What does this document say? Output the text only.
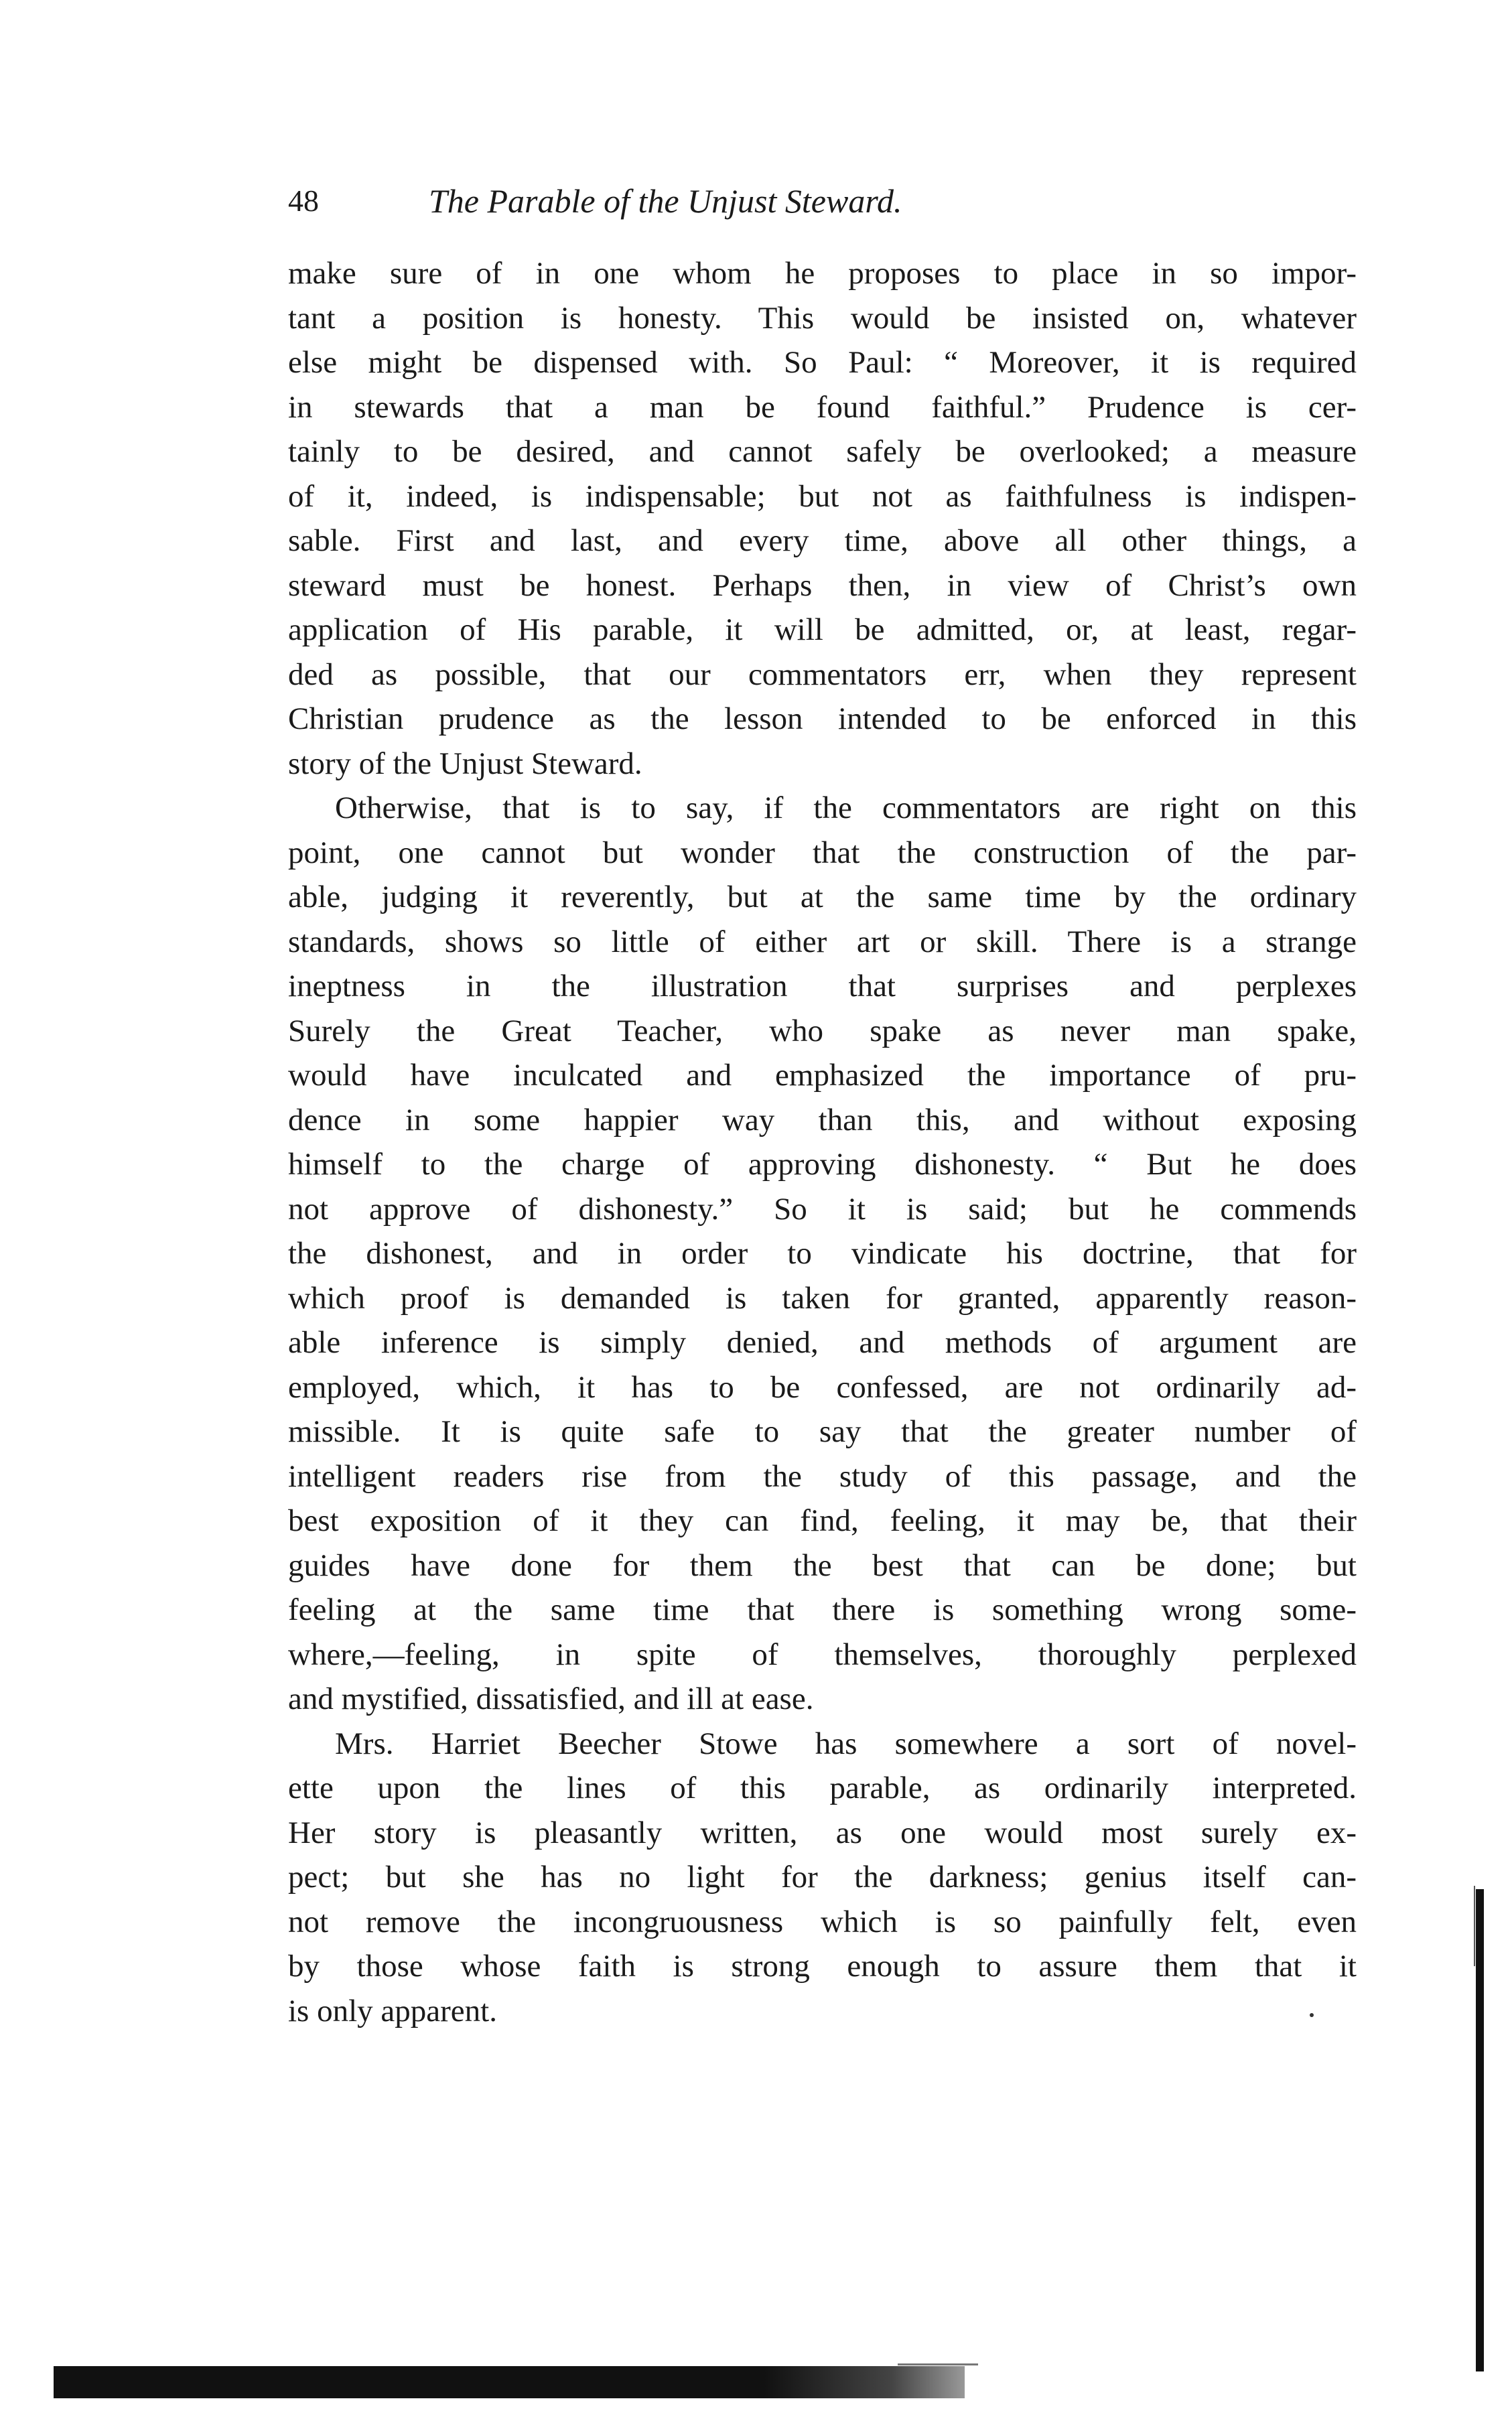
48	The Parable of the Unjust Steward.
make sure of in one whom he proposes to place in so impor-
tant a position is honesty. This would be insisted on, whatever
else might be dispensed with. So Paul: “ Moreover, it is required
in stewards that a man be found faithful.” Prudence is cer-
tainly to be desired, and cannot safely be overlooked; a measure
of it, indeed, is indispensable; but not as faithfulness is indispen-
sable. First and last, and every time, above all other things, a
steward must be honest. Perhaps then, in view of Christ’s own
application of His parable, it will be admitted, or, at least, regar-
ded as possible, that our commentators err, when they represent
Christian prudence as the lesson intended to be enforced in this
story of the Unjust Steward.
Otherwise, that is to say, if the commentators are right on this
point, one cannot but wonder that the construction of the par-
able, judging it reverently, but at the same time by the ordinary
standards, shows so little of either art or skill. There is a strange
ineptness in the illustration that surprises and perplexes
Surely the Great Teacher, who spake as never man spake,
would have inculcated and emphasized the importance of pru-
dence in some happier way than this, and without exposing
himself to the charge of approving dishonesty. “ But he does
not approve of dishonesty.” So it is said; but he commends
the dishonest, and in order to vindicate his doctrine, that for
which proof is demanded is taken for granted, apparently reason-
able inference is simply denied, and methods of argument are
employed, which, it has to be confessed, are not ordinarily ad-
missible. It is quite safe to say that the greater number of
intelligent readers rise from the study of this passage, and the
best exposition of it they can find, feeling, it may be, that their
guides have done for them the best that can be done; but
feeling at the same time that there is something wrong some-
where,—feeling, in spite of themselves, thoroughly perplexed
and mystified, dissatisfied, and ill at ease.
Mrs. Harriet Beecher Stowe has somewhere a sort of novel-
ette upon the lines of this parable, as ordinarily interpreted.
Her story is pleasantly written, as one would most surely ex-
pect; but she has no light for the darkness; genius itself can-
not remove the incongruousness which is so painfully felt, even
by those whose faith is strong enough to assure them that it
is only apparent.
